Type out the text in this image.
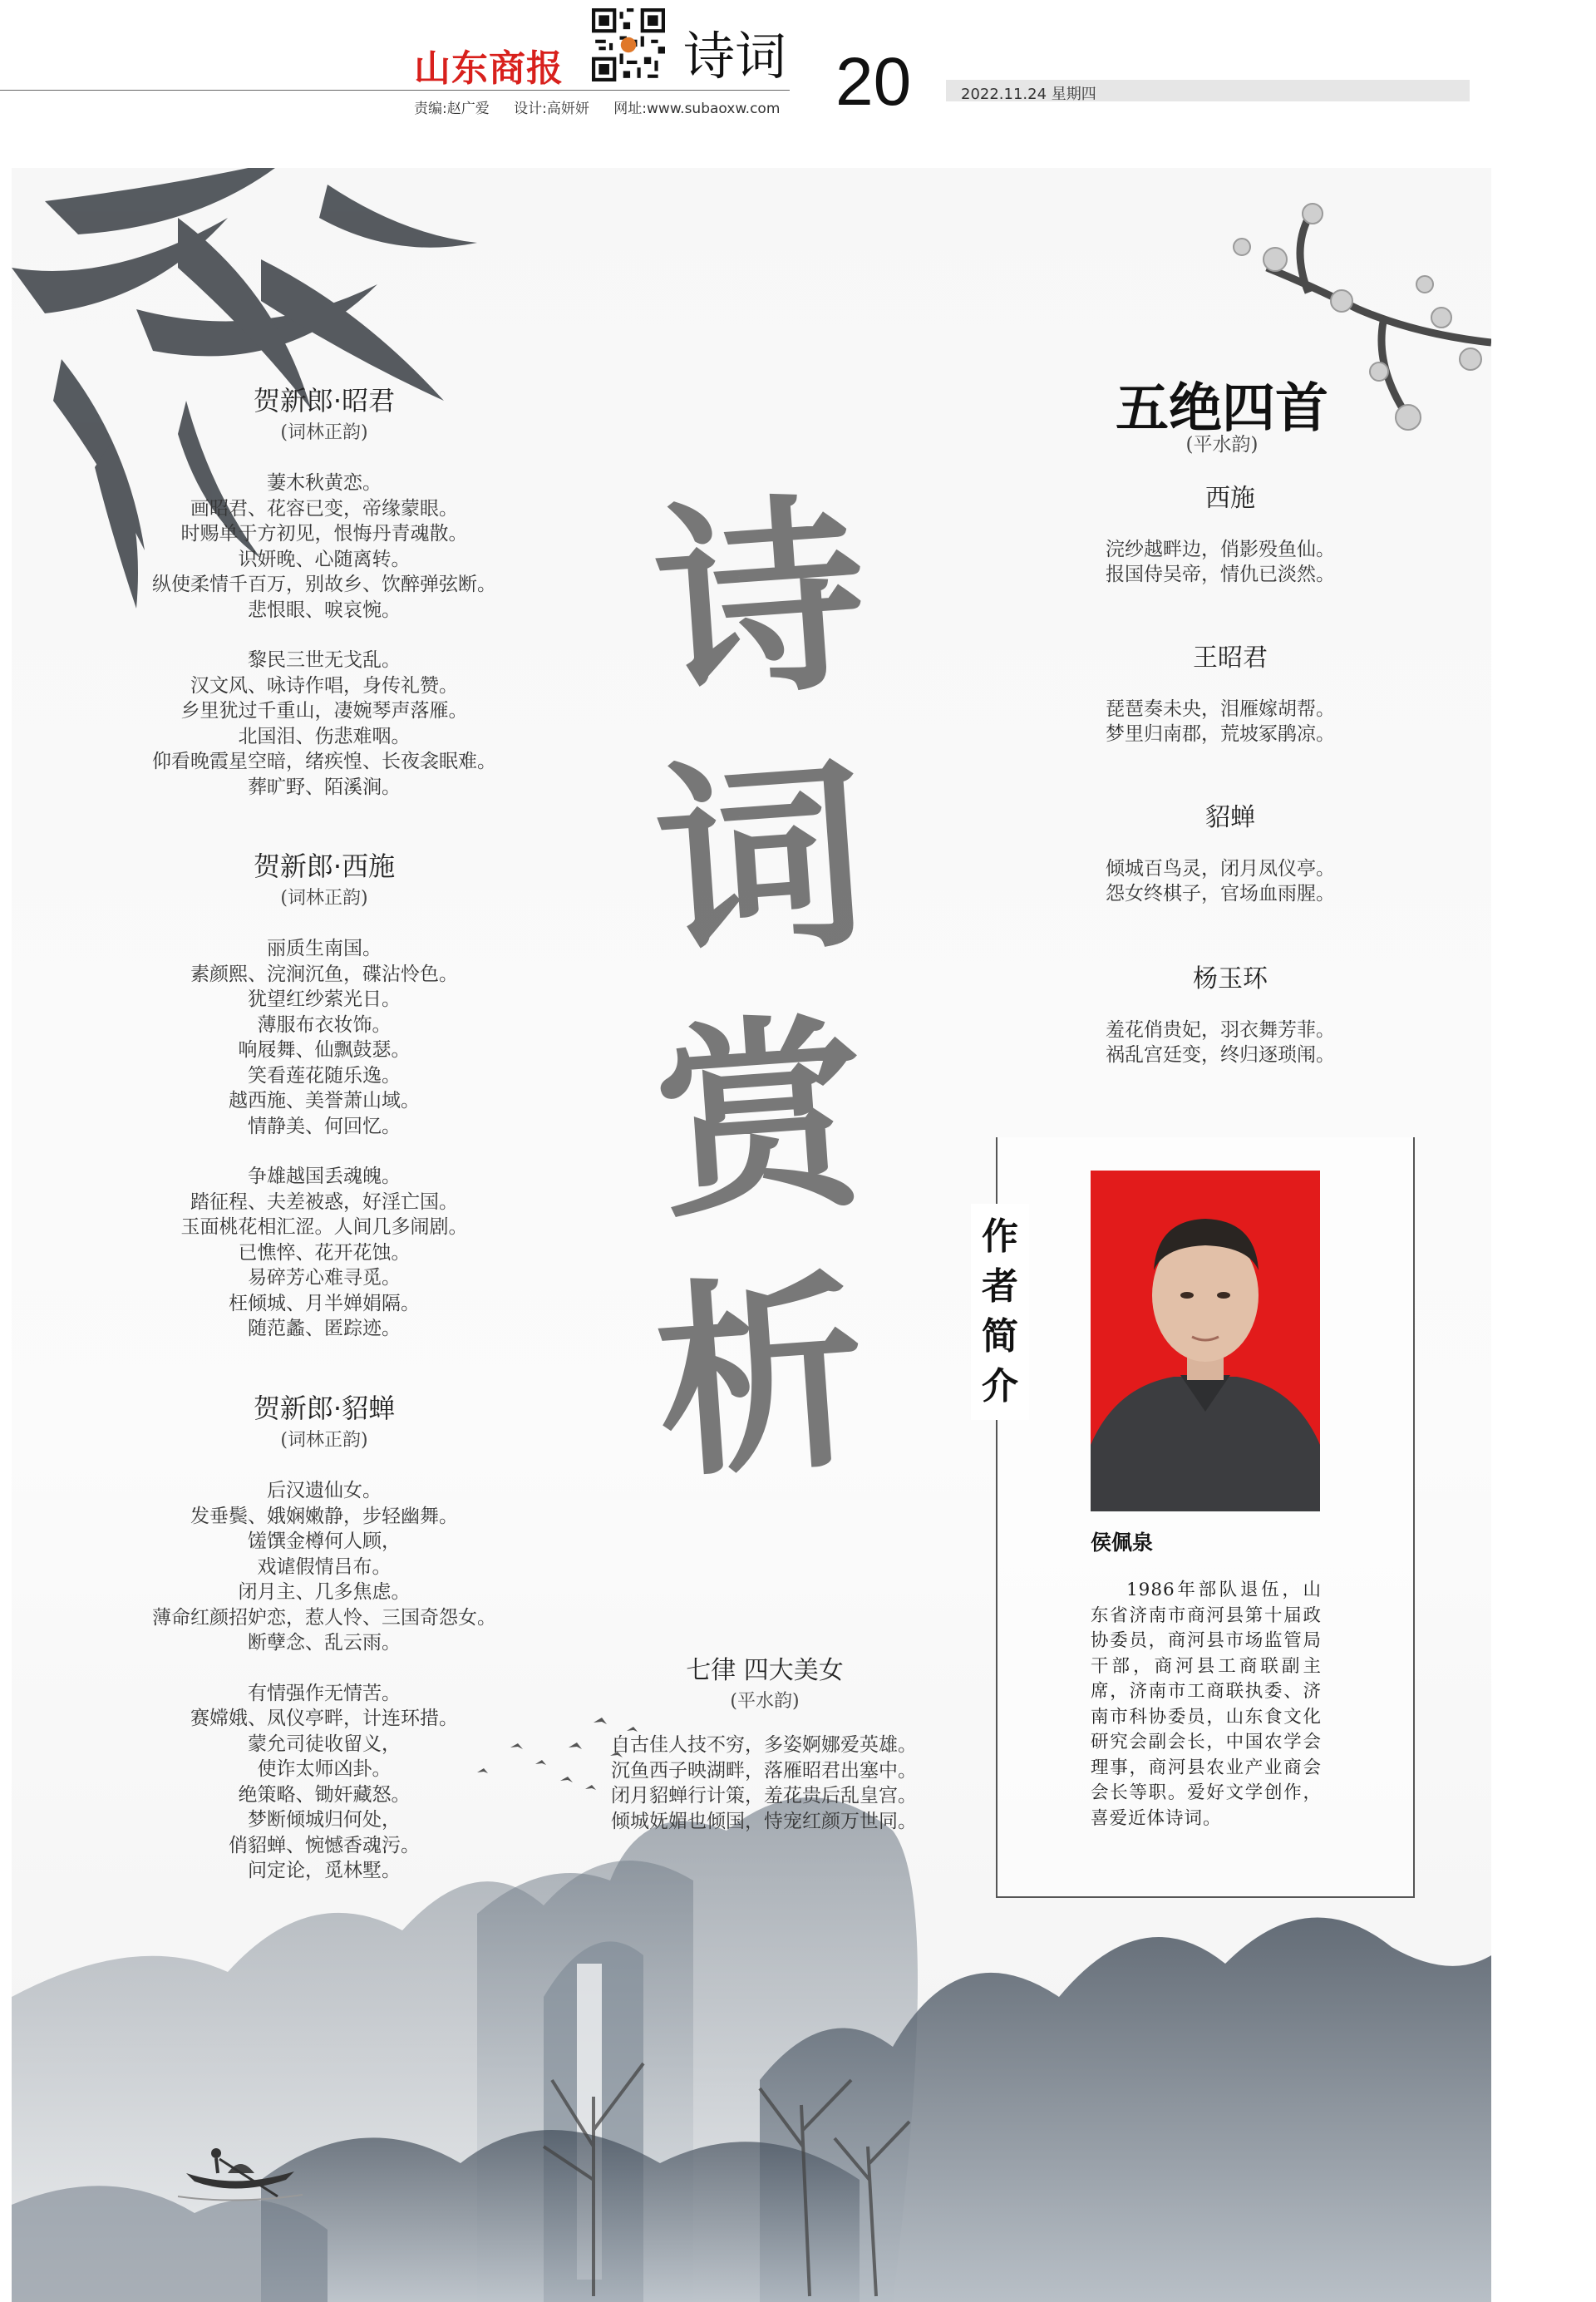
山东商报 诗词 20
责编:赵广爱 设计:高妍妍 网址:www.subaoxw.com
2022.11.24 星期四
贺新郎·昭君
(词林正韵)
萋木秋黄恋。
画昭君、花容已变，帝缘蒙眼。
时赐单于方初见，恨悔丹青魂散。
识妍晚、心随离转。
纵使柔情千百万，别故乡、饮醉弹弦断。
悲恨眼、唳哀惋。
黎民三世无戈乱。
汉文风、咏诗作唱，身传礼赞。
乡里犹过千重山，凄婉琴声落雁。
北国泪、伤悲难咽。
仰看晚霞星空暗，绪疾惶、长夜衾眠难。
葬旷野、陌溪涧。
贺新郎·西施
(词林正韵)
丽质生南国。
素颜熙、浣涧沉鱼，碟沾怜色。
犹望红纱萦光日。
薄服布衣妆饰。
响屐舞、仙飘鼓瑟。
笑看莲花随乐逸。
越西施、美誉萧山域。
情静美、何回忆。
争雄越国丢魂魄。
踏征程、夫差被惑，好淫亡国。
玉面桃花相汇涩。人间几多闹剧。
已憔悴、花开花蚀。
易碎芳心难寻觅。
枉倾城、月半婵娟隔。
随范蠡、匿踪迹。
贺新郎·貂蝉
(词林正韵)
后汉遗仙女。
发垂鬓、娥娴嫩静，步轻幽舞。
馐馔金樽何人顾，
戏谑假情吕布。
闭月主、几多焦虑。
薄命红颜招妒恋，惹人怜、三国奇怨女。
断孽念、乱云雨。
有情强作无情苦。
赛嫦娥、凤仪亭畔，计连环措。
蒙允司徒收留义，
使诈太师凶卦。
绝策略、锄奸藏怒。
梦断倾城归何处，
俏貂蝉、惋憾香魂污。
问定论，觅林墅。
诗
词
赏
析
五绝四首
(平水韵)
西施
浣纱越畔边，俏影殁鱼仙。
报国侍吴帝，情仇已淡然。
王昭君
琵琶奏未央，泪雁嫁胡帮。
梦里归南郡，荒坡冢鹃凉。
貂蝉
倾城百鸟灵，闭月凤仪亭。
怨女终棋子，官场血雨腥。
杨玉环
羞花俏贵妃，羽衣舞芳菲。
祸乱宫廷变，终归逐琐闱。
作
者
简
介
侯佩泉
1986年部队退伍，山东省济南市商河县第十届政协委员，商河县市场监管局干部，商河县工商联副主席，济南市工商联执委、济南市科协委员，山东食文化研究会副会长，中国农学会理事，商河县农业产业商会会长等职。爱好文学创作，喜爱近体诗词。
七律 四大美女
(平水韵)
自古佳人技不穷，多姿婀娜爱英雄。
沉鱼西子映湖畔，落雁昭君出塞中。
闭月貂蝉行计策，羞花贵后乱皇宫。
倾城妩媚也倾国，恃宠红颜万世同。
